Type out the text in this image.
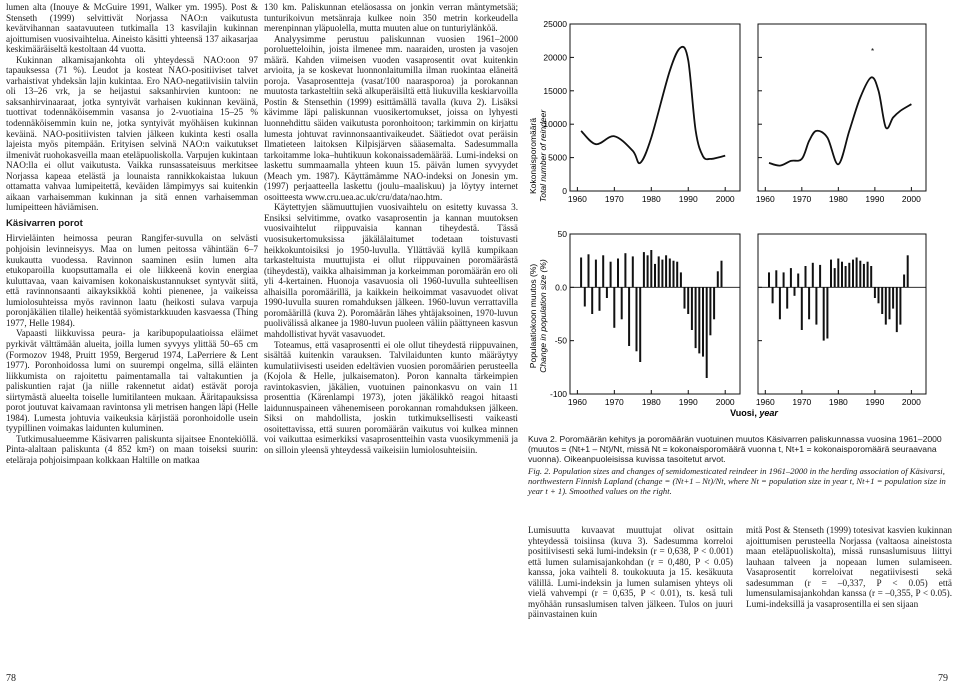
lumen alta (Inouye & McGuire 1991, Walker ym. 1995). Post & Stenseth (1999) selvittivät Norjassa NAO:n vaikutusta kevätvihannan saatavuuteen tutkimalla 13 kasvilajin kukinnan ajoittumisen vuosivaihtelua. Aineisto käsitti yhteensä 137 aikasarjaa keskimääräiseltä kestoltaan 44 vuotta.

Kukinnan alkamisajankohta oli yhteydessä NAO:oon 97 tapauksessa (71 %). Leudot ja kosteat NAO-positiiviset talvet varhaistivat yhdeksän lajin kukintaa. Ero NAO-negatiivisiin talviin oli 13–26 vrk, ja se heijastui saksanhirvien kuntoon: ne saksanhirvinaaraat, jotka syntyivät varhaisen kukinnan keväinä, tuottivat todennäköisemmin vasansa jo 2-vuotiaina 15–25 % todennäköisemmin kuin ne, jotka syntyivät myöhäisen kukinnan keväinä. NAO-positiivisten talvien jälkeen kukinta kesti osalla lajeista myös pitempään. Erityisen selvinä NAO:n vaikutukset ilmenivät ruohokasveilla maan eteläpuoliskolla. Varpujen kukintaan NAO:lla ei ollut vaikutusta. Vaikka runsassateisuus merkitsee Norjassa kapeaa etelästä ja lounaista rannikkokaistaa lukuun ottamatta vahvaa lumipeitettä, keväiden lämpimyys sai kuitenkin aikaan varhaisemman kukinnan ja sitä ennen varhaisemman lumipeitteen häviämisen.

Käsivarren porot

Hirvieläinten heimossa peuran Rangifer-suvulla on selvästi pohjoisin levinneisyys. Maa on lumen peitossa vähintään 6–7 kuukautta vuodessa. Ravinnon saaminen esiin lumen alta etukoparoilla kuopsuttamalla ei ole liikkeenä kovin energiaa kuluttavaa, vaan kaivamisen kokonaiskustannukset syntyvät siitä, että ravinnonsaanti aikayksikköä kohti pienenee, ja vaikeissa lumiolosuhteissa myös ravinnon laatu (heikosti sulava varpuja poronjäkälien tilalle) heikentää syömistarkkuuden kasvaessa (Thing 1977, Helle 1984).

Vapaasti liikkuvissa peura- ja karibupopulaatioissa eläimet pyrkivät välttämään alueita, joilla lumen syvyys ylittää 50–65 cm (Formozov 1948, Pruitt 1959, Bergerud 1974, LaPerriere & Lent 1977). Poronhoidossa lumi on suurempi ongelma, sillä eläinten liikkumista on rajoitettu paimentamalla tai valtakuntien ja paliskuntien rajat (ja niille rakennetut aidat) estävät poroja siirtymästä alueelta toiselle lumitilanteen mukaan. Ääritapauksissa porot joutuvat kaivamaan ravintonsa yli metrisen hangen läpi (Helle 1984). Lumesta johtuvia vaikeuksia kärjistää poronhoidolle usein tyypillinen voimakas laidunten kuluminen.

Tutkimusalueemme Käsivarren paliskunta sijaitsee Enontekiöllä. Pinta-alaltaan paliskunta (4 852 km²) on maan toiseksi suurin: eteläraja pohjoisimpaan kolkkaan Haltille on matkaa

130 km. Paliskunnan eteläosassa on jonkin verran mäntymetsää; tunturikoivun metsänraja kulkee noin 350 metrin korkeudella merenpinnan yläpuolella, mutta muuten alue on tunturiylänköä.

Analyysimme perustuu paliskunnan vuosien 1961–2000 poroluetteloihin, joista ilmenee mm. naaraiden, urosten ja vasojen määrä. Kahden viimeisen vuoden vasaprosentit ovat kuitenkin arvioita, ja se koskevat luonnonlaitumilla ilman ruokintaa eläneitä poroja. Vasaprosentteja (vasat/100 naarasporoa) ja porokannan muutosta tarkasteltiin sekä alkuperäisiltä että liukuvilla keskiarvoilla Postin & Stensethin (1999) esittämällä tavalla (kuva 2). Lisäksi kävimme läpi paliskunnan vuosikertomukset, joissa on lyhyesti luonnehdittu säiden vaikutusta poronhoitoon; tarkimmin on kirjattu lumesta johtuvat ravinnonsaantivaikeudet. Säätiedot ovat peräisin Ilmatieteen laitoksen Kilpisjärven sääasemalta. Sadesummalla tarkoitamme loka–huhtikuun kokonaissademäärää. Lumi-indeksi on laskettu summaamalla yhteen kuun 15. päivän lumen syvyydet (Meach ym. 1987). Käyttämämme NAO-indeksi on Jonesin ym. (1997) perjaatteella laskettu (joulu–maaliskuu) ja löytyy internet osoitteesta www.cru.uea.ac.uk/cru/data/nao.htm.

Käytettyjen säämuuttujien vuosivaihtelu on esitetty kuvassa 3. Ensiksi selvitimme, ovatko vasaprosentin ja kannan muutoksen vuosivaihtelut riippuvaisia kannan tiheydestä. Tässä vuosisukertomuksissa jäkälälaitumet todetaan toistuvasti heikkokuntoisiksi jo 1950-luvulla. Yllättävää kyllä kumpikaan tarkasteltuista muuttujista ei ollut riippuvainen poromäärästä (tiheydestä), vaikka alhaisimman ja korkeimman poromäärän ero oli yli 4-kertainen. Huonoja vasavuosia oli 1960-luvulla suhteellisen alhaisilla poromäärillä, ja kaikkein heikoimmat vasavuodet olivat 1990-luvulla suuren romahduksen jälkeen. 1960-luvun verrattavilla poromäärillä (kuva 2). Poromäärän lähes yhtäjaksoinen, 1970-luvun puolivälissä alkanee ja 1980-luvun puoleen väliin päättyneen kasvun mahdollistivat hyvät vasavuodet.

Toteamus, että vasaprosentti ei ole ollut tiheydestä riippuvainen, sisältää kuitenkin varauksen. Talvilaidunten kunto määräytyy kumulatiivisesti useiden edeltävien vuosien poromäärien perusteella (Kojola & Helle, julkaisematon). Poron kannalta tärkeimpien ravintokasvien, jäkälien, vuotuinen painonkasvu on vain 11 prosenttia (Kärenlampi 1973), joten jäkälikkö reagoi hitaasti laidunnuspaineen vähenemiseen porokannan romahduksen jälkeen. Siksi on mahdollista, joskin tutkimuksellisesti vaikeasti osoitettavissa, että suuren poromäärän vaikutus voi kulkea minnen voi vaikuttaa esimerkiksi vasaprosentteihin vasta vuosikymmeniä ja on silloin yleensä yhteydessä vaikeisiin lumiolosuhteisiin.

Kokonaisporomäärä Total number of reindeer
Populaatiokoon muutos (%) Change in population size (%)
0
5000
10000
15000
20000
25000
1960 1970 1980 1990 2000 1960 1970 1980 1990 2000
-100
-50
0.0
50
1960 1970 1980 1990 2000 1960 1970 1980 1990 2000
*
Vuosi, year
Kuva 2. Poromäärän kehitys ja poromäärän vuotuinen muutos Käsivarren paliskunnassa vuosina 1961–2000 (muutos = (Nt+1 – Nt)/Nt, missä Nt = kokonaisporomäärä vuonna t, Nt+1 = kokonaisporomäärä seuraavana vuonna). Oikeanpuoleisissa kuvissa tasoitetut arvot.
Fig. 2. Population sizes and changes of semidomesticated reindeer in 1961–2000 in the herding association of Käsivarsi, northwestern Finnish Lapland (change = (Nt+1 – Nt)/Nt, where Nt = population size in year t, Nt+1 = population size in year t + 1). Smoothed values on the right.
Lumisuutta kuvaavat muuttujat olivat osittain yhteydessä toisiinsa (kuva 3). Sadesumma korreloi positiivisesti sekä lumi-indeksin (r = 0,638, P < 0.001) että lumen sulamisajankohdan (r = 0,480, P < 0.05) kanssa, joka vaihteli 8. toukokuuta ja 15. kesäkuuta välillä. Lumi-indeksin ja lumen sulamisen yhteys oli vielä vahvempi (r = 0,635, P < 0.01), ts. kesä tuli myöhään runsaslumisen talven jälkeen. Tulos on juuri päinvastainen kuin
mitä Post & Stenseth (1999) totesivat kasvien kukinnan ajoittumisen perusteella Norjassa (valtaosa aineistosta maan eteläpuoliskolta), missä runsaslumisuus liittyi lauhaan talveen ja nopeaan lumen sulamiseen. Vasaprosentit korreloivat negatiivisesti sekä sadesumman (r = –0,337, P < 0.05) että lumensulamisajankohdan kanssa (r = –0,355, P < 0.05). Lumi-indeksillä ja vasaprosentilla ei sen sijaan
78	79
